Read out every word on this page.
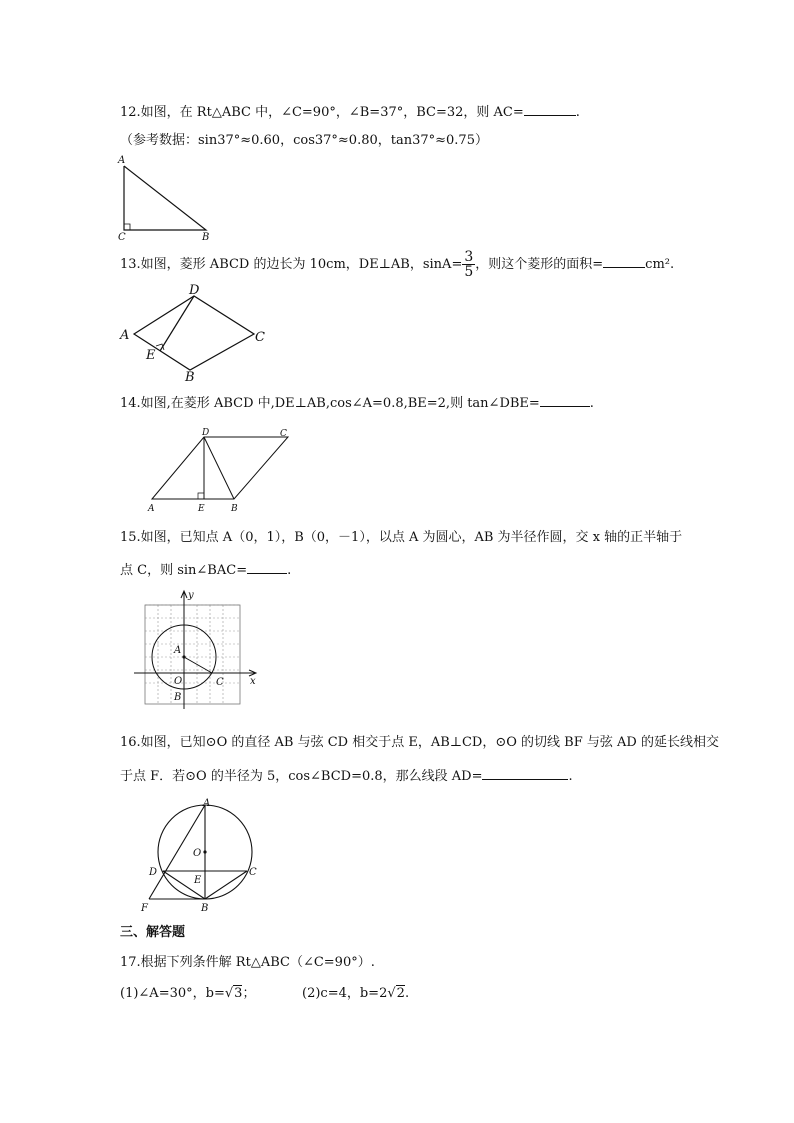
12.如图，在 Rt△ABC 中，∠C=90°，∠B=37°，BC=32，则 AC=	.
（参考数据：sin37°≈0.60，cos37°≈0.80，tan37°≈0.75）
A
C	B
13.如图，菱形 ABCD 的边长为 10cm，DE⊥AB，$\sin A= \frac{3}{5}$ ，则这个菱形的面积=	cm².
A
B
C
D
E
14.如图,在菱形 ABCD 中,DE⊥AB,cos∠A=0.8,BE=2,则 tan∠DBE=	.
A	B
C
D
E
15.如图，已知点 A（0，1），B（0，－1），以点 A 为圆心，AB 为半径作圆，交 x 轴的正半轴于
点 C，则 sin∠BAC=	.
y
A
O
B
C	x
16.如图，已知⊙O 的直径 AB 与弦 CD 相交于点 E，AB⊥CD，⊙O 的切线 BF 与弦 AD 的延长线相交
于点 F．若⊙O 的半径为 5，cos∠BCD=0.8，那么线段 AD=	.
A
O
D	C
E
F	B
三、解答题
17.根据下列条件解 Rt△ABC（∠C=90°）.
(1)∠A=30°，b=√3；	(2)c=4，b=2√2.
